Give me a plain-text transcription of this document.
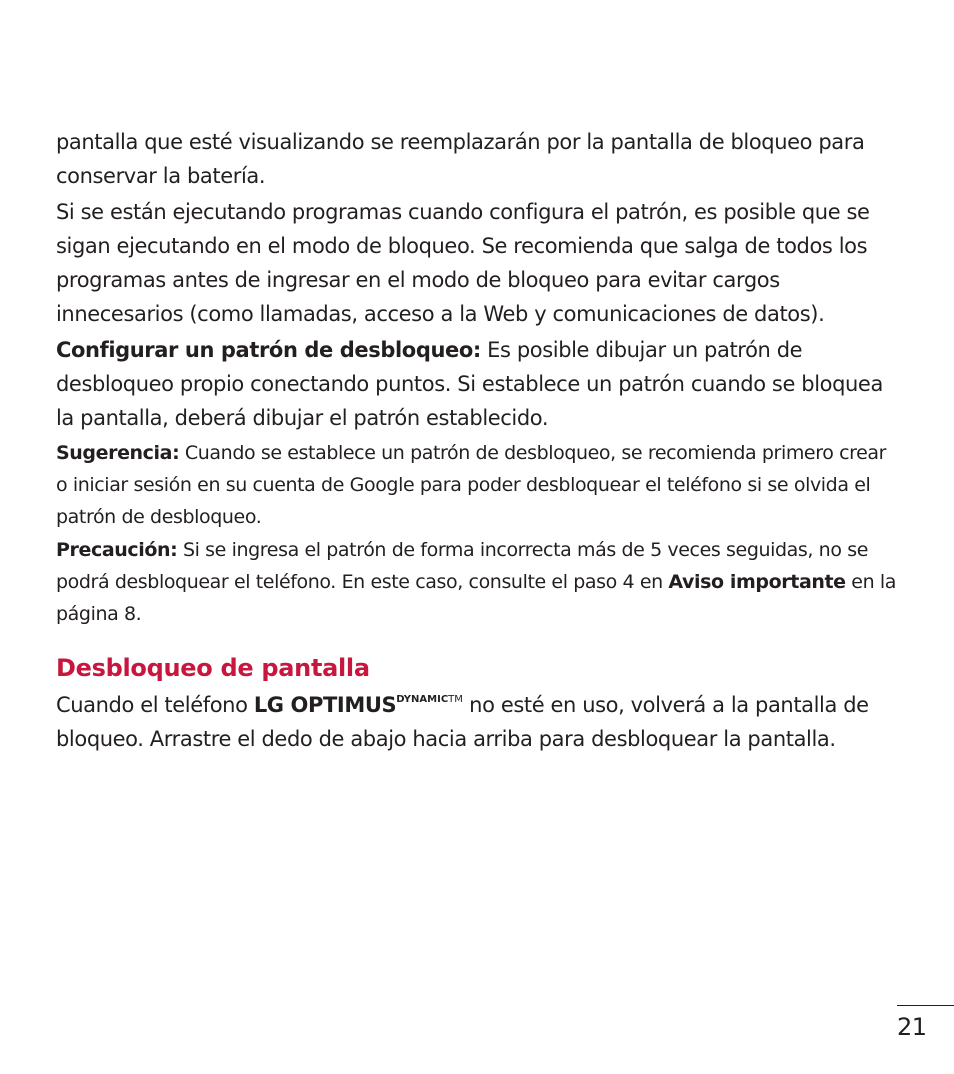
pantalla que esté visualizando se reemplazarán por la pantalla de bloqueo para conservar la batería.

Si se están ejecutando programas cuando configura el patrón, es posible que se sigan ejecutando en el modo de bloqueo. Se recomienda que salga de todos los programas antes de ingresar en el modo de bloqueo para evitar cargos innecesarios (como llamadas, acceso a la Web y comunicaciones de datos).

Configurar un patrón de desbloqueo: Es posible dibujar un patrón de desbloqueo propio conectando puntos. Si establece un patrón cuando se bloquea la pantalla, deberá dibujar el patrón establecido.

Sugerencia: Cuando se establece un patrón de desbloqueo, se recomienda primero crear o iniciar sesión en su cuenta de Google para poder desbloquear el teléfono si se olvida el patrón de desbloqueo.

Precaución: Si se ingresa el patrón de forma incorrecta más de 5 veces seguidas, no se podrá desbloquear el teléfono. En este caso, consulte el paso 4 en Aviso importante en la página 8.

Desbloqueo de pantalla

Cuando el teléfono LG $OPTIMUS^{DYNAMICTM}$ no esté en uso, volverá a la pantalla de bloqueo. Arrastre el dedo de abajo hacia arriba para desbloquear la pantalla.

21
